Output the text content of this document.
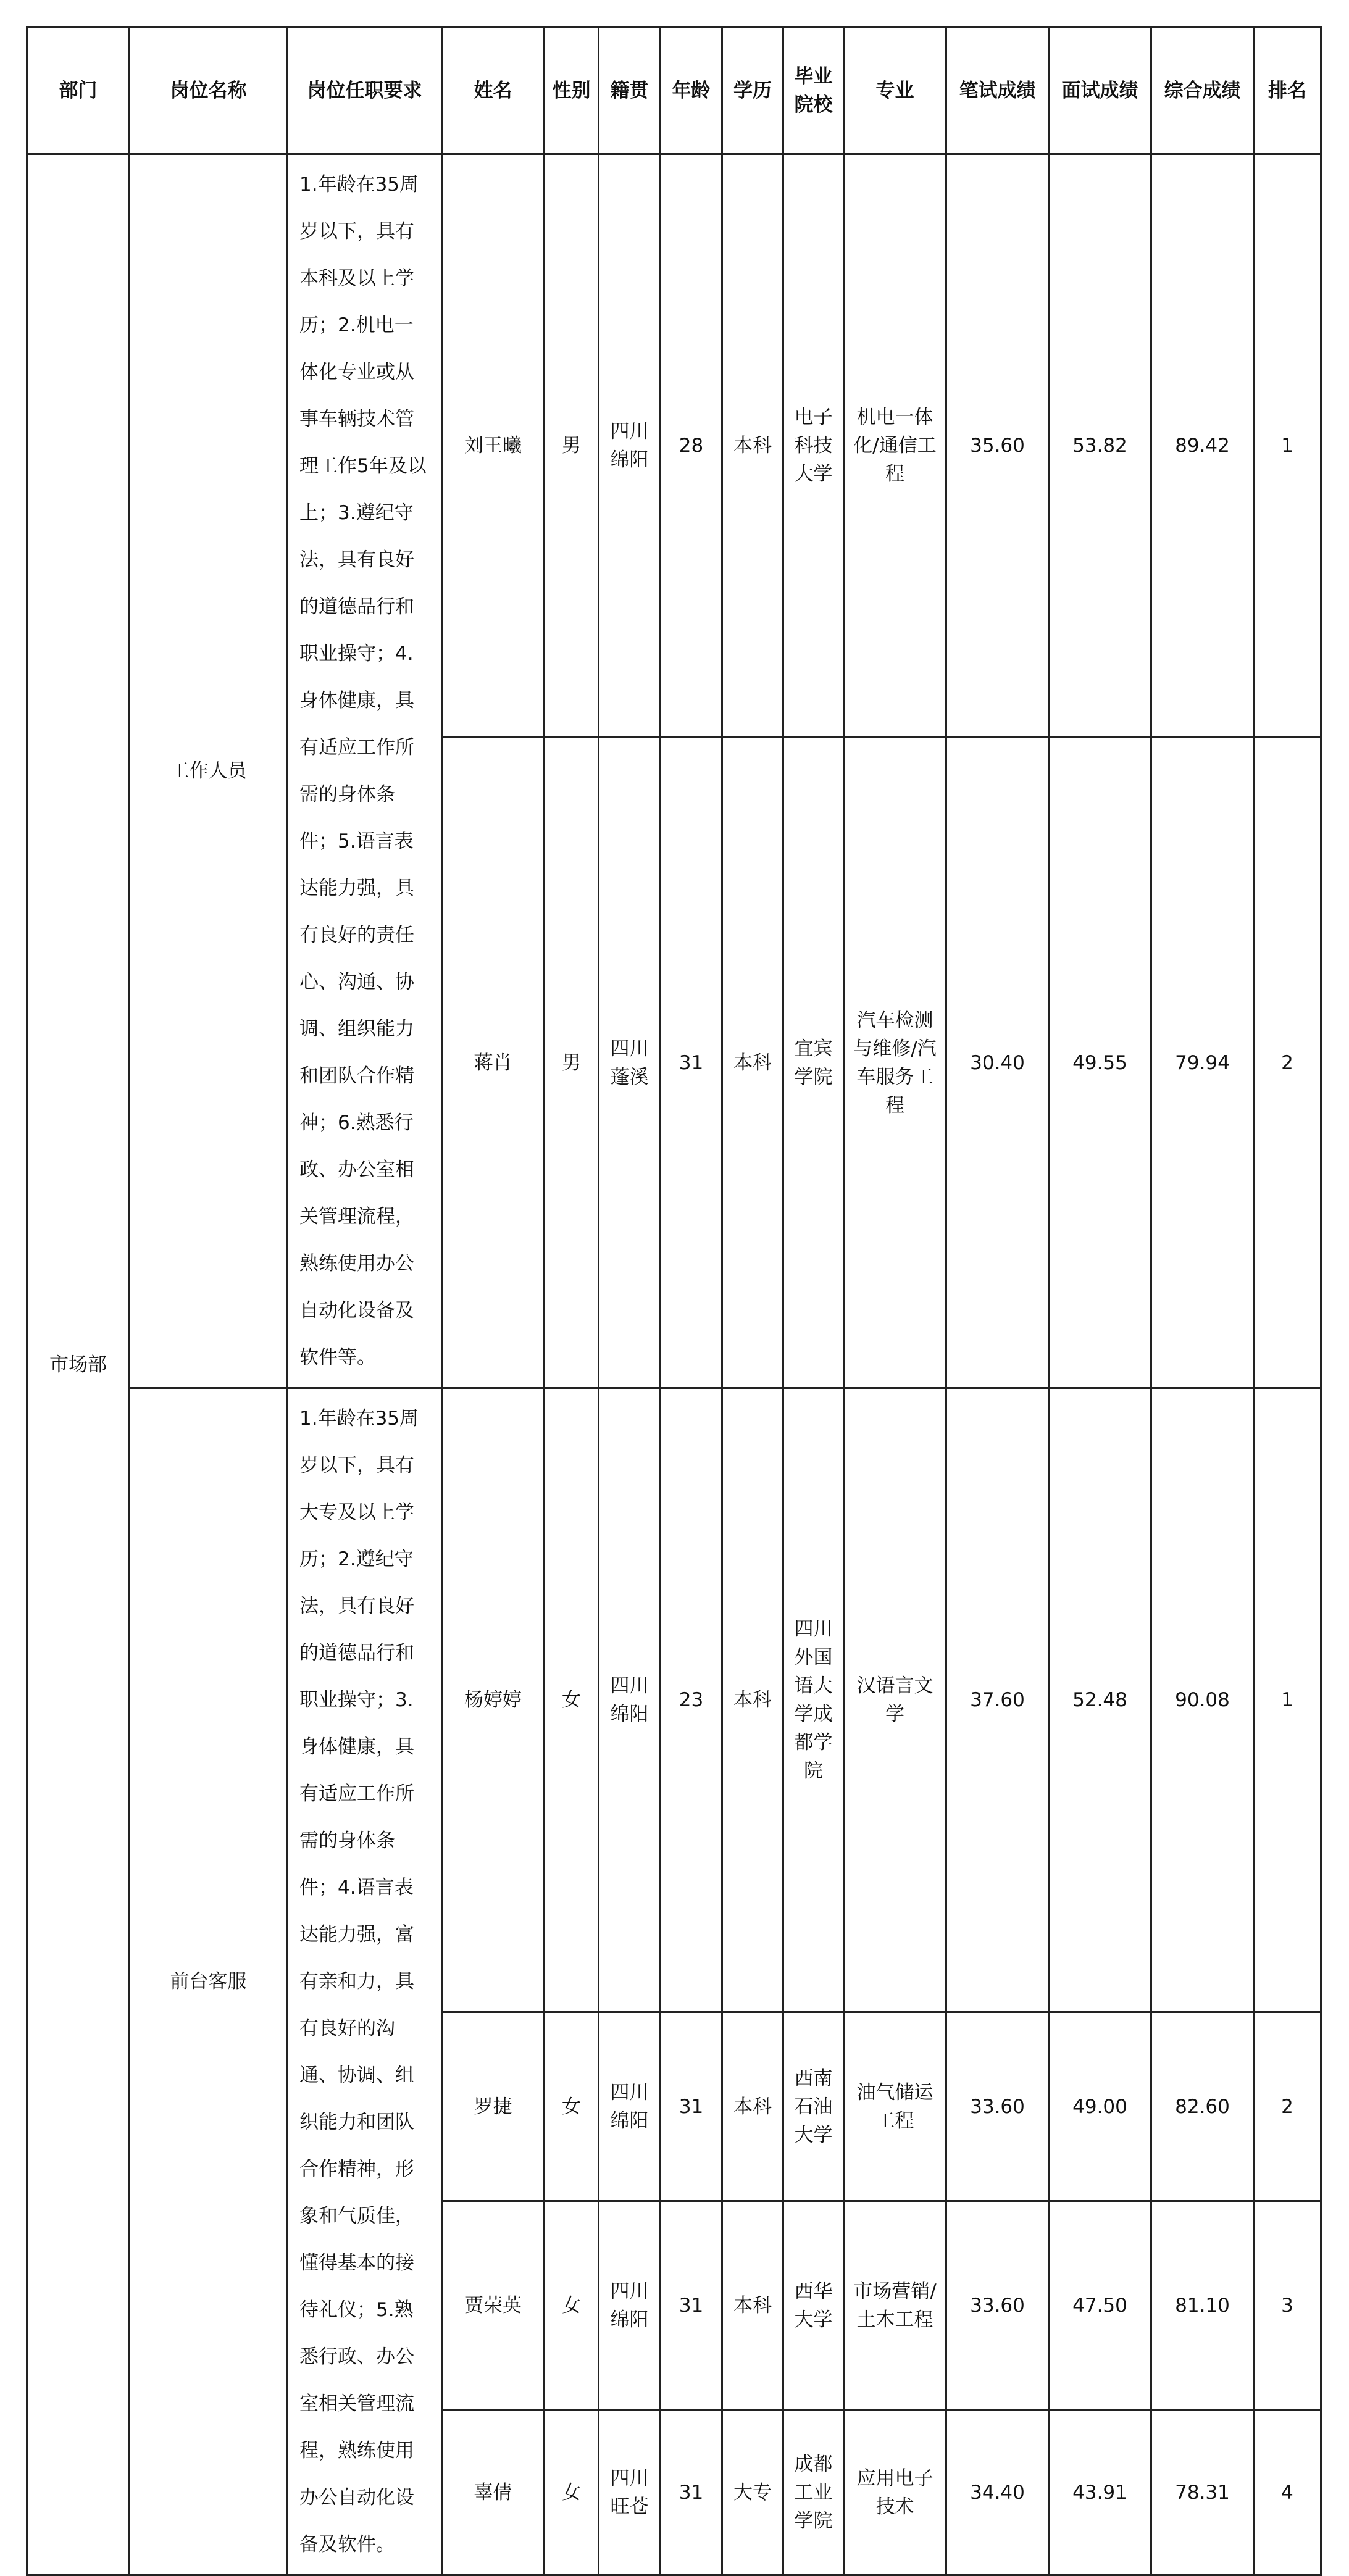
部门	岗位名称	岗位任职要求	姓名	性别	籍贯	年龄	学历	毕业院校	专业	笔试成绩	面试成绩	综合成绩	排名
市场部	工作人员	1.年龄在35周岁以下，具有本科及以上学历；2.机电一体化专业或从事车辆技术管理工作5年及以上；3.遵纪守法，具有良好的道德品行和职业操守；4.身体健康，具有适应工作所需的身体条件；5.语言表达能力强，具有良好的责任心、沟通、协调、组织能力和团队合作精神；6.熟悉行政、办公室相关管理流程，熟练使用办公自动化设备及软件等。	刘王曦	男	四川绵阳	28	本科	电子科技大学	机电一体化/通信工程	35.60	53.82	89.42	1
			蒋肖	男	四川蓬溪	31	本科	宜宾学院	汽车检测与维修/汽车服务工程	30.40	49.55	79.94	2
	前台客服	1.年龄在35周岁以下，具有大专及以上学历；2.遵纪守法，具有良好的道德品行和职业操守；3.身体健康，具有适应工作所需的身体条件；4.语言表达能力强，富有亲和力，具有良好的沟通、协调、组织能力和团队合作精神，形象和气质佳，懂得基本的接待礼仪；5.熟悉行政、办公室相关管理流程，熟练使用办公自动化设备及软件。	杨婷婷	女	四川绵阳	23	本科	四川外国语大学成都学院	汉语言文学	37.60	52.48	90.08	1
			罗捷	女	四川绵阳	31	本科	西南石油大学	油气储运工程	33.60	49.00	82.60	2
			贾荣英	女	四川绵阳	31	本科	西华大学	市场营销/土木工程	33.60	47.50	81.10	3
			辜倩	女	四川旺苍	31	大专	成都工业学院	应用电子技术	34.40	43.91	78.31	4
